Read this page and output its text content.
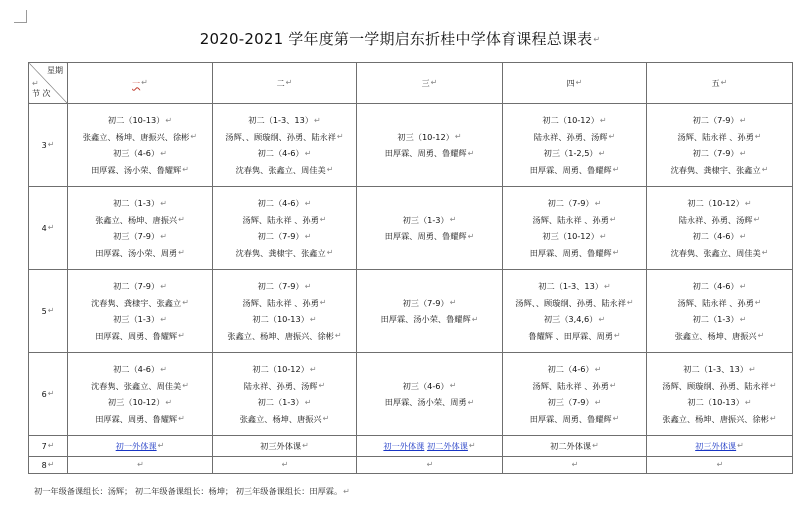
2020-2021 学年度第一学期启东折桂中学体育课程总课表↵
星期
↵
节 次	一↵	二↵	三↵	四↵	五↵
3↵	初二（10-13）↵
张鑫立、杨坤、唐振兴、徐彬↵
初三（4-6）↵
田厚霖、汤小荣、鲁耀辉↵	初二（1-3、13）↵
汤辉、、顾璇纲、孙勇、陆永祥↵
初二（4-6）↵
沈春隽、张鑫立、周佳美↵	初三（10-12）↵
田厚霖、周勇、鲁耀辉↵	初二（10-12）↵
陆永祥、孙勇、汤辉↵
初三（1-2,5）↵
田厚霖、周勇、鲁耀辉↵	初二（7-9）↵
汤辉、陆永祥 、孙勇↵
初二（7-9）↵
沈春隽、龚棣宇、张鑫立↵

4↵	初二（1-3）↵
张鑫立、杨坤、唐振兴↵
初三（7-9）↵
田厚霖、汤小荣、周勇↵	初二（4-6）↵
汤辉、陆永祥 、孙勇↵
初二（7-9）↵
沈春隽、龚棣宇、张鑫立↵	初三（1-3）↵
田厚霖、周勇、鲁耀辉↵	初二（7-9）↵
汤辉、陆永祥 、孙勇↵
初三（10-12）↵
田厚霖、周勇、鲁耀辉↵	初二（10-12）↵
陆永祥、孙勇、汤辉↵
初二（4-6）↵
沈春隽、张鑫立、周佳美↵

5↵	初二（7-9）↵
沈春隽、龚棣宇、张鑫立↵
初三（1-3）↵
田厚霖、周勇、鲁耀辉↵	初二（7-9）↵
汤辉、陆永祥 、孙勇↵
初二（10-13）↵
张鑫立、杨坤、唐振兴、徐彬↵	初三（7-9）↵
田厚霖、汤小荣、鲁耀辉↵	初二（1-3、13）↵
汤辉、、顾璇纲、孙勇、陆永祥↵
初三（3,4,6）↵
鲁耀辉 、田厚霖、周勇↵	初二（4-6）↵
汤辉、陆永祥 、孙勇↵
初二（1-3）↵
张鑫立、杨坤、唐振兴↵

6↵	初二（4-6）↵
沈春隽、张鑫立、周佳美↵
初三（10-12）↵
田厚霖、周勇、鲁耀辉↵	初二（10-12）↵
陆永祥、孙勇、汤辉↵
初二（1-3）↵
张鑫立、杨坤、唐振兴↵	初三（4-6）↵
田厚霖、汤小荣、周勇↵	初二（4-6）↵
汤辉、陆永祥 、孙勇↵
初三（7-9）↵
田厚霖、周勇、鲁耀辉↵	初二（1-3、13）↵
汤辉、顾璇纲、孙勇、陆永祥↵
初二（10-13）↵
张鑫立、杨坤、唐振兴、徐彬↵

7↵	初一外体课↵	初三外体课↵	初一外体课 初二外体课↵	初二外体课↵	初三外体课↵
8↵	↵	↵	↵	↵	↵
初一年级备课组长：汤辉； 初二年级备课组长：杨坤； 初三年级备课组长：田厚霖。↵
